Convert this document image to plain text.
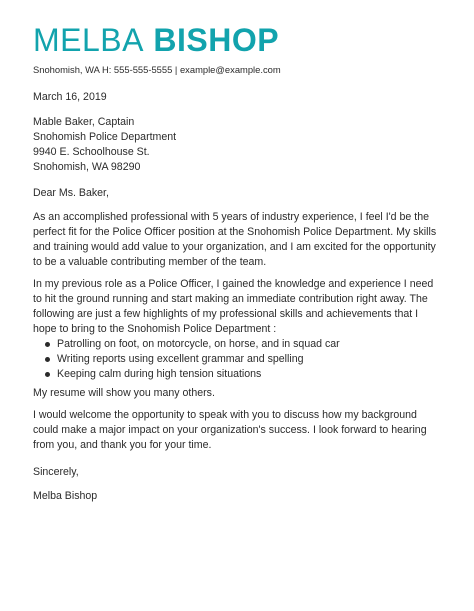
MELBA BISHOP
Snohomish, WA H: 555-555-5555 | example@example.com

March 16, 2019

Mable Baker, Captain

Snohomish Police Department

9940 E. Schoolhouse St.

Snohomish, WA 98290

Dear Ms. Baker,

As an accomplished professional with 5 years of industry experience, I feel I'd be the perfect fit for the Police Officer position at the Snohomish Police Department. My skills and training would add value to your organization, and I am excited for the opportunity to be a valuable contributing member of the team.

In my previous role as a Police Officer, I gained the knowledge and experience I need to hit the ground running and start making an immediate contribution right away. The following are just a few highlights of my professional skills and achievements that I hope to bring to the Snohomish Police Department :

Patrolling on foot, on motorcycle, on horse, and in squad car
Writing reports using excellent grammar and spelling
Keeping calm during high tension situations

My resume will show you many others.

I would welcome the opportunity to speak with you to discuss how my background could make a major impact on your organization's success. I look forward to hearing from you, and thank you for your time.

Sincerely,

Melba Bishop
